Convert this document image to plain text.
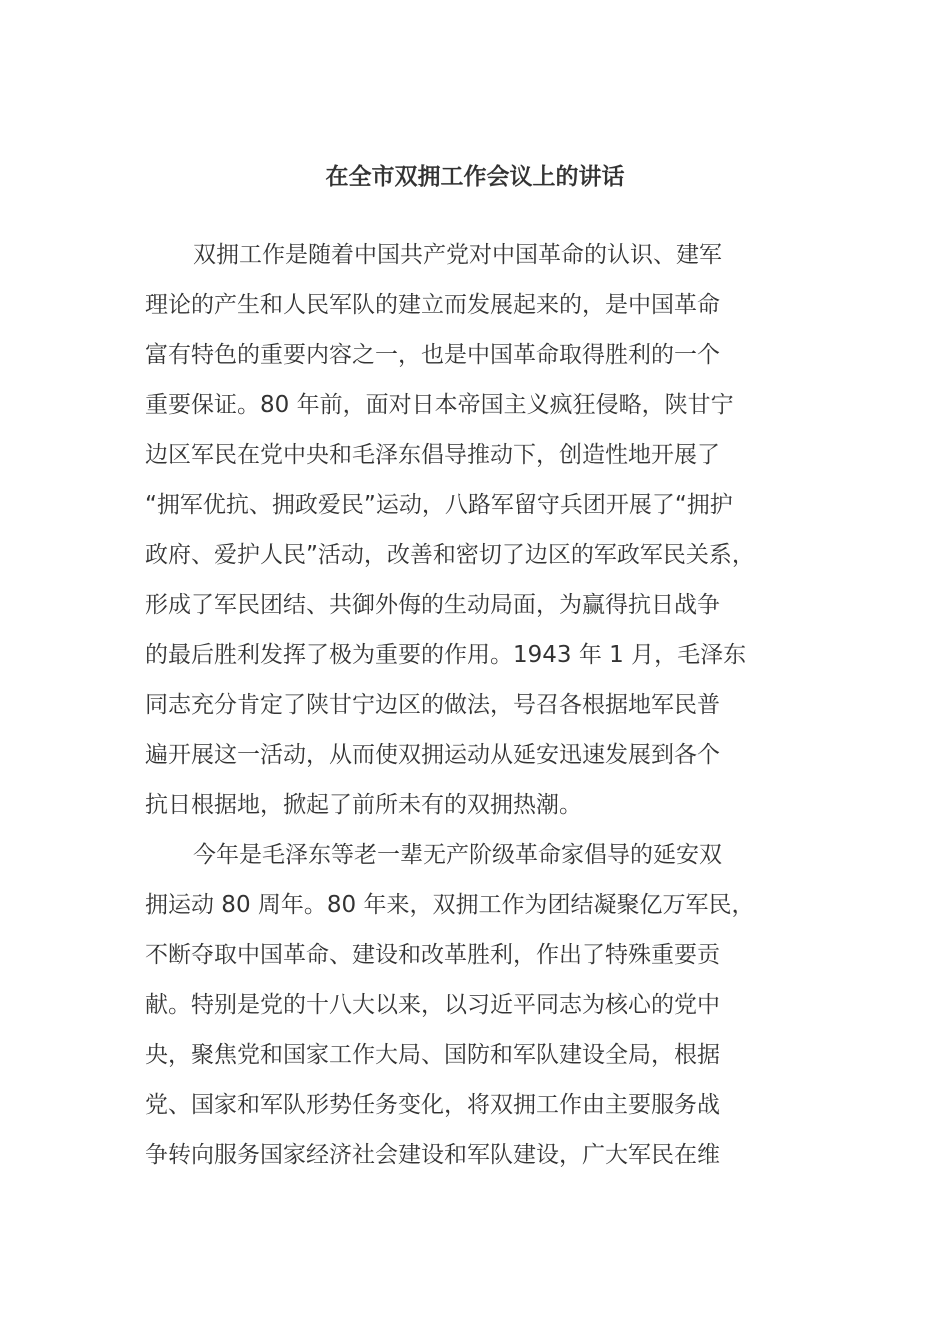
在全市双拥工作会议上的讲话

双拥工作是随着中国共产党对中国革命的认识、建军
理论的产生和人民军队的建立而发展起来的，是中国革命
富有特色的重要内容之一，也是中国革命取得胜利的一个
重要保证。80 年前，面对日本帝国主义疯狂侵略，陕甘宁
边区军民在党中央和毛泽东倡导推动下，创造性地开展了
“拥军优抗、拥政爱民”运动，八路军留守兵团开展了“拥护
政府、爱护人民”活动，改善和密切了边区的军政军民关系，
形成了军民团结、共御外侮的生动局面，为赢得抗日战争
的最后胜利发挥了极为重要的作用。1943 年 1 月，毛泽东
同志充分肯定了陕甘宁边区的做法，号召各根据地军民普
遍开展这一活动，从而使双拥运动从延安迅速发展到各个
抗日根据地，掀起了前所未有的双拥热潮。

今年是毛泽东等老一辈无产阶级革命家倡导的延安双
拥运动 80 周年。80 年来，双拥工作为团结凝聚亿万军民，
不断夺取中国革命、建设和改革胜利，作出了特殊重要贡
献。特别是党的十八大以来，以习近平同志为核心的党中
央，聚焦党和国家工作大局、国防和军队建设全局，根据
党、国家和军队形势任务变化，将双拥工作由主要服务战
争转向服务国家经济社会建设和军队建设，广大军民在维
